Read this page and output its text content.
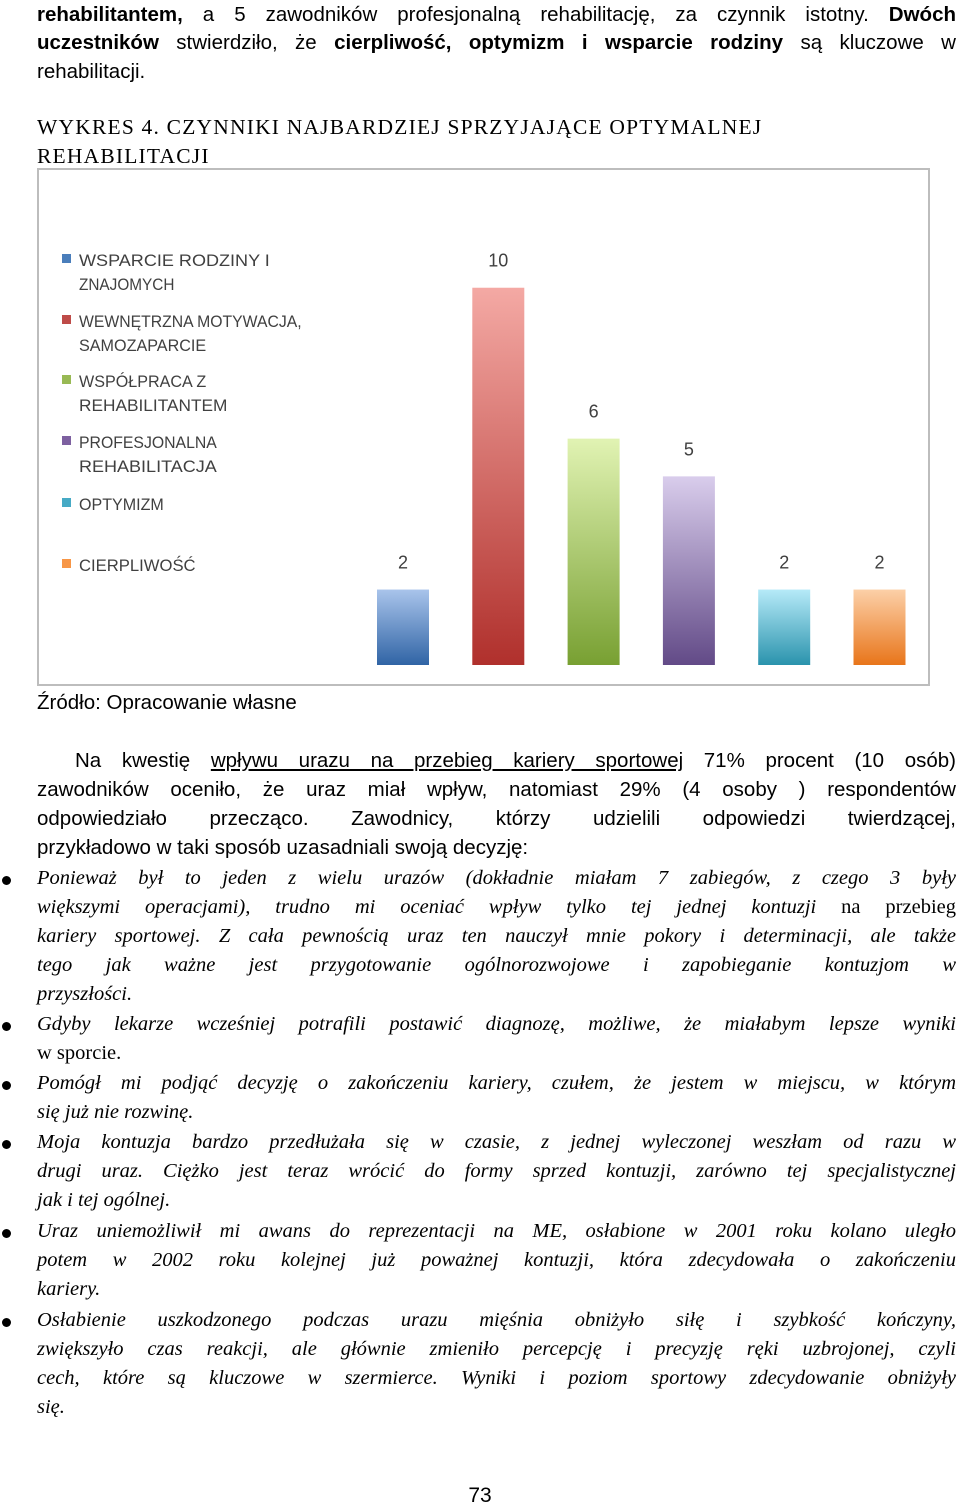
rehabilitantem, a 5 zawodników profesjonalną rehabilitację, za czynnik istotny. Dwóch
uczestników stwierdziło, że cierpliwość, optymizm i wsparcie rodziny są kluczowe w
rehabilitacji.
WYKRES 4. CZYNNIKI NAJBARDZIEJ SPRZYJAJĄCE OPTYMALNEJ
REHABILITACJI
WSPARCIE RODZINY I
ZNAJOMYCH
WEWNĘTRZNA MOTYWACJA,
SAMOZAPARCIE
WSPÓŁPRACA Z
REHABILITANTEM
PROFESJONALNA
REHABILITACJA
OPTYMIZM
CIERPLIWOŚĆ	2
10
6
5
2	2
Źródło: Opracowanie własne
Na kwestię wpływu urazu na przebieg kariery sportowej 71% procent (10 osób)
zawodników oceniło, że uraz miał wpływ, natomiast 29% (4 osoby ) respondentów
odpowiedziało przecząco. Zawodnicy, którzy udzielili odpowiedzi twierdzącej,
przykładowo w taki sposób uzasadniali swoją decyzję:
Ponieważ był to jeden z wielu urazów (dokładnie miałam 7 zabiegów, z czego 3 były
większymi operacjami), trudno mi oceniać wpływ tylko tej jednej kontuzji na przebieg
kariery sportowej. Z cała pewnością uraz ten nauczył mnie pokory i determinacji, ale także
tego jak ważne jest przygotowanie ogólnorozwojowe i zapobieganie kontuzjom w
przyszłości.
Gdyby lekarze wcześniej potrafili postawić diagnozę, możliwe, że miałabym lepsze wyniki
w sporcie.
Pomógł mi podjąć decyzję o zakończeniu kariery, czułem, że jestem w miejscu, w którym
się już nie rozwinę.
Moja kontuzja bardzo przedłużała się w czasie, z jednej wyleczonej weszłam od razu w
drugi uraz. Ciężko jest teraz wrócić do formy sprzed kontuzji, zarówno tej specjalistycznej
jak i tej ogólnej.
Uraz uniemożliwił mi awans do reprezentacji na ME, osłabione w 2001 roku kolano uległo
potem w 2002 roku kolejnej już poważnej kontuzji, która zdecydowała o zakończeniu
kariery.
Osłabienie uszkodzonego podczas urazu mięśnia obniżyło siłę i szybkość kończyny,
zwiększyło czas reakcji, ale głównie zmieniło percepcję i precyzję ręki uzbrojonej, czyli
cech, które są kluczowe w szermierce. Wyniki i poziom sportowy zdecydowanie obniżyły
się.
73
